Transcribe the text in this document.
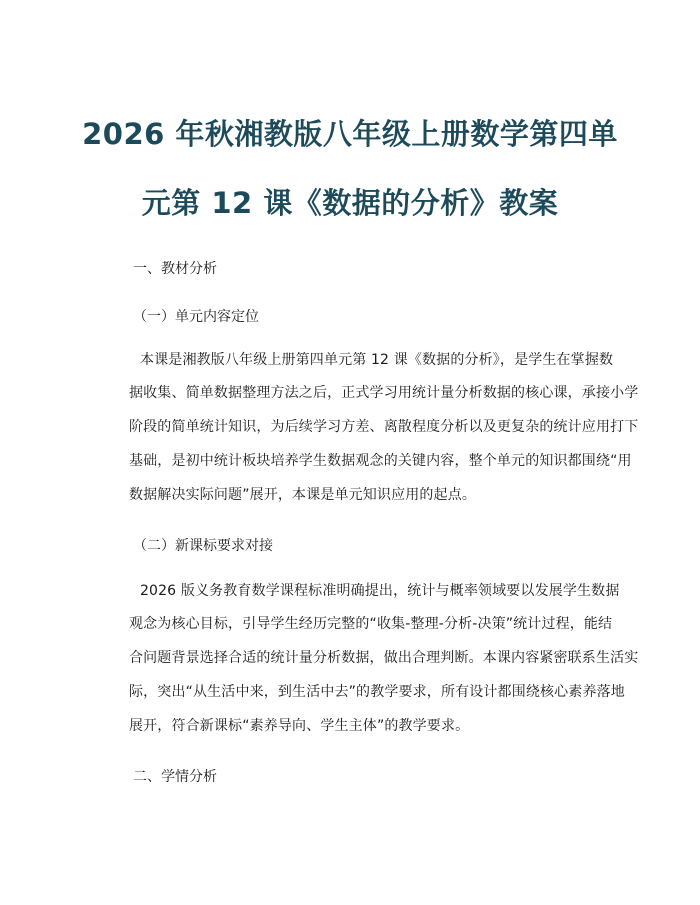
2026 年秋湘教版八年级上册数学第四单
元第 12 课《数据的分析》教案
一、教材分析
（一）单元内容定位
本课是湘教版八年级上册第四单元第 12 课《数据的分析》，是学生在掌握数
据收集、简单数据整理方法之后，正式学习用统计量分析数据的核心课，承接小学
阶段的简单统计知识，为后续学习方差、离散程度分析以及更复杂的统计应用打下
基础，是初中统计板块培养学生数据观念的关键内容，整个单元的知识都围绕“用
数据解决实际问题”展开，本课是单元知识应用的起点。
（二）新课标要求对接
2026 版义务教育数学课程标准明确提出，统计与概率领域要以发展学生数据
观念为核心目标，引导学生经历完整的“收集-整理-分析-决策”统计过程，能结
合问题背景选择合适的统计量分析数据，做出合理判断。本课内容紧密联系生活实
际，突出“从生活中来，到生活中去”的教学要求，所有设计都围绕核心素养落地
展开，符合新课标“素养导向、学生主体”的教学要求。
二、学情分析
